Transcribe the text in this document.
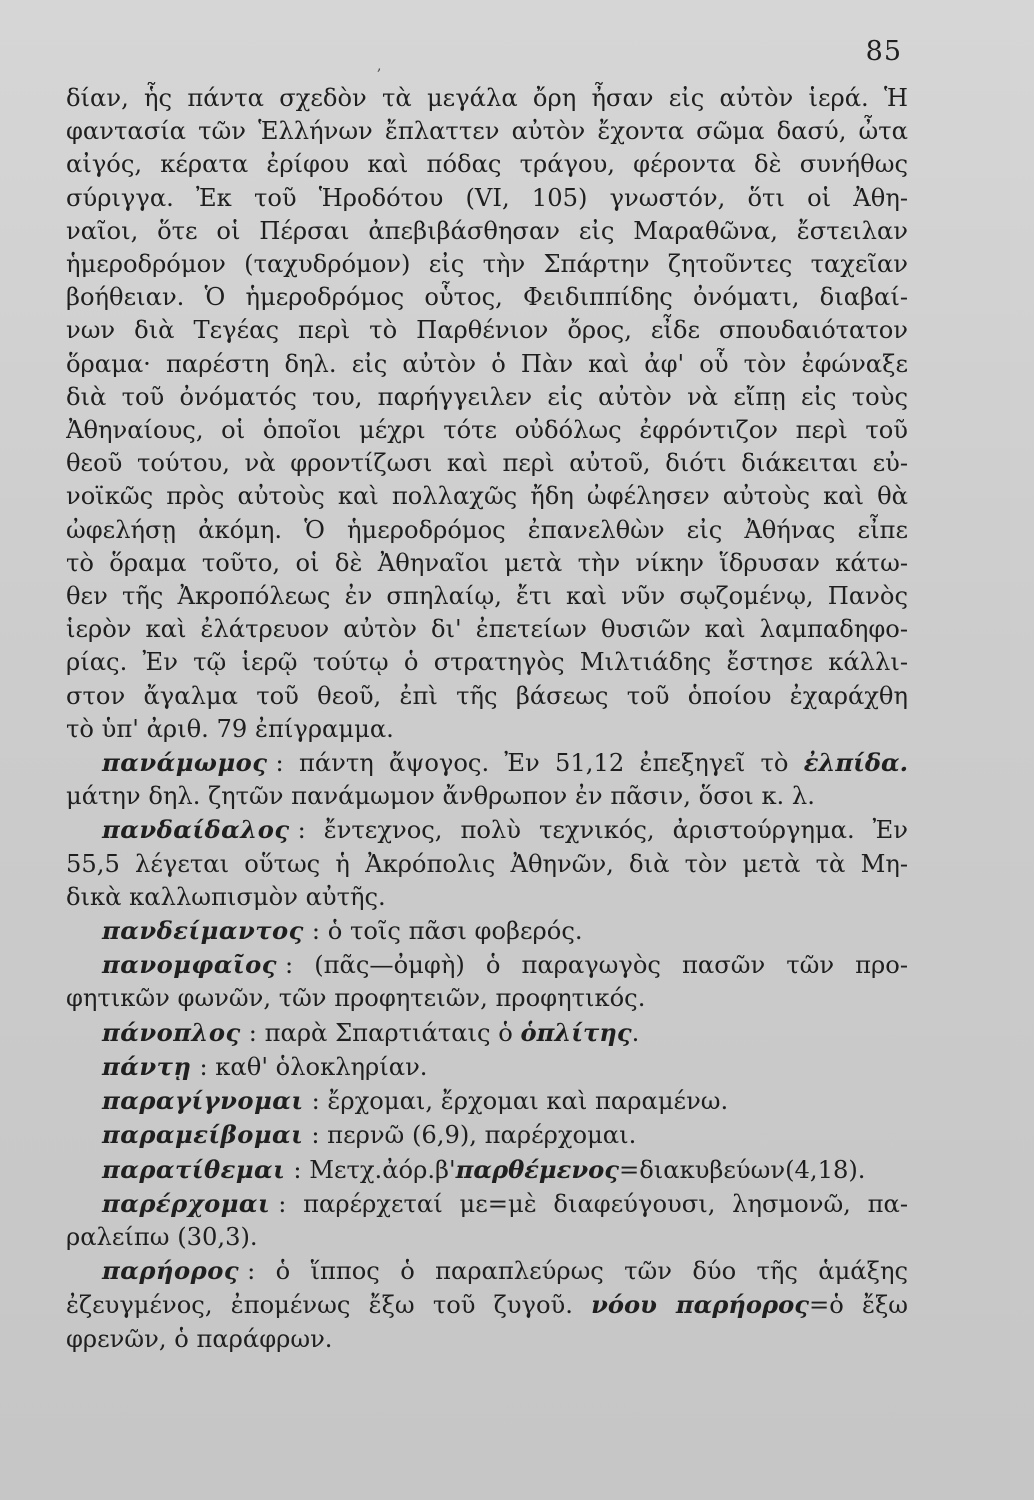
85
,
δίαν, ἧς πάντα σχεδὸν τὰ μεγάλα ὄρη ἦσαν εἰς αὐτὸν ἱερά. Ἡ
φαντασία τῶν Ἑλλήνων ἔπλαττεν αὐτὸν ἔχοντα σῶμα δασύ, ὦτα
αἰγός, κέρατα ἐρίφου καὶ πόδας τράγου, φέροντα δὲ συνήθως
σύριγγα. Ἐκ τοῦ Ἡροδότου (VI, 105) γνωστόν, ὅτι οἱ Ἀθη-
ναῖοι, ὅτε οἱ Πέρσαι ἀπεβιβάσθησαν εἰς Μαραθῶνα, ἔστειλαν
ἡμεροδρόμον (ταχυδρόμον) εἰς τὴν Σπάρτην ζητοῦντες ταχεῖαν
βοήθειαν. Ὁ ἡμεροδρόμος οὗτος, Φειδιππίδης ὀνόματι, διαβαί-
νων διὰ Τεγέας περὶ τὸ Παρθένιον ὄρος, εἶδε σπουδαιότατον
ὅραμα· παρέστη δηλ. εἰς αὐτὸν ὁ Πὰν καὶ ἀφ' οὗ τὸν ἐφώναξε
διὰ τοῦ ὀνόματός του, παρήγγειλεν εἰς αὐτὸν νὰ εἴπῃ εἰς τοὺς
Ἀθηναίους, οἱ ὁποῖοι μέχρι τότε οὐδόλως ἐφρόντιζον περὶ τοῦ
θεοῦ τούτου, νὰ φροντίζωσι καὶ περὶ αὐτοῦ, διότι διάκειται εὐ-
νοϊκῶς πρὸς αὐτοὺς καὶ πολλαχῶς ἤδη ὠφέλησεν αὐτοὺς καὶ θὰ
ὠφελήσῃ ἀκόμη. Ὁ ἡμεροδρόμος ἐπανελθὼν εἰς Ἀθήνας εἶπε
τὸ ὅραμα τοῦτο, οἱ δὲ Ἀθηναῖοι μετὰ τὴν νίκην ἵδρυσαν κάτω-
θεν τῆς Ἀκροπόλεως ἐν σπηλαίῳ, ἔτι καὶ νῦν σῳζομένῳ, Πανὸς
ἱερὸν καὶ ἐλάτρευον αὐτὸν δι' ἐπετείων θυσιῶν καὶ λαμπαδηφο-
ρίας. Ἐν τῷ ἱερῷ τούτῳ ὁ στρατηγὸς Μιλτιάδης ἔστησε κάλλι-
στον ἄγαλμα τοῦ θεοῦ, ἐπὶ τῆς βάσεως τοῦ ὁποίου ἐχαράχθη
τὸ ὑπ' ἀριθ. 79 ἐπίγραμμα.
πανάμωμος : πάντη ἄψογος. Ἐν 51,12 ἐπεξηγεῖ τὸ ἐλπίδα.
μάτην δηλ. ζητῶν πανάμωμον ἄνθρωπον ἐν πᾶσιν, ὅσοι κ. λ.
πανδαίδαλος : ἔντεχνος, πολὺ τεχνικός, ἀριστούργημα. Ἐν
55,5 λέγεται οὕτως ἡ Ἀκρόπολις Ἀθηνῶν, διὰ τὸν μετὰ τὰ Μη-
δικὰ καλλωπισμὸν αὐτῆς.
πανδείμαντος : ὁ τοῖς πᾶσι φοβερός.
πανομφαῖος : (πᾶς—ὀμφὴ) ὁ παραγωγὸς πασῶν τῶν προ-
φητικῶν φωνῶν, τῶν προφητειῶν, προφητικός.
πάνοπλος : παρὰ Σπαρτιάταις ὁ ὁπλίτης.
πάντῃ : καθ' ὁλοκληρίαν.
παραγίγνομαι : ἔρχομαι, ἔρχομαι καὶ παραμένω.
παραμείβομαι : περνῶ (6,9), παρέρχομαι.
παρατίθεμαι : Μετχ.ἀόρ.β'παρθέμενος=διακυβεύων(4,18).
παρέρχομαι : παρέρχεταί με=μὲ διαφεύγουσι, λησμονῶ, πα-
ραλείπω (30,3).
παρήορος : ὁ ἵππος ὁ παραπλεύρως τῶν δύο τῆς ἁμάξης
ἐζευγμένος, ἐπομένως ἔξω τοῦ ζυγοῦ. νόου παρήορος=ὁ ἔξω
φρενῶν, ὁ παράφρων.
